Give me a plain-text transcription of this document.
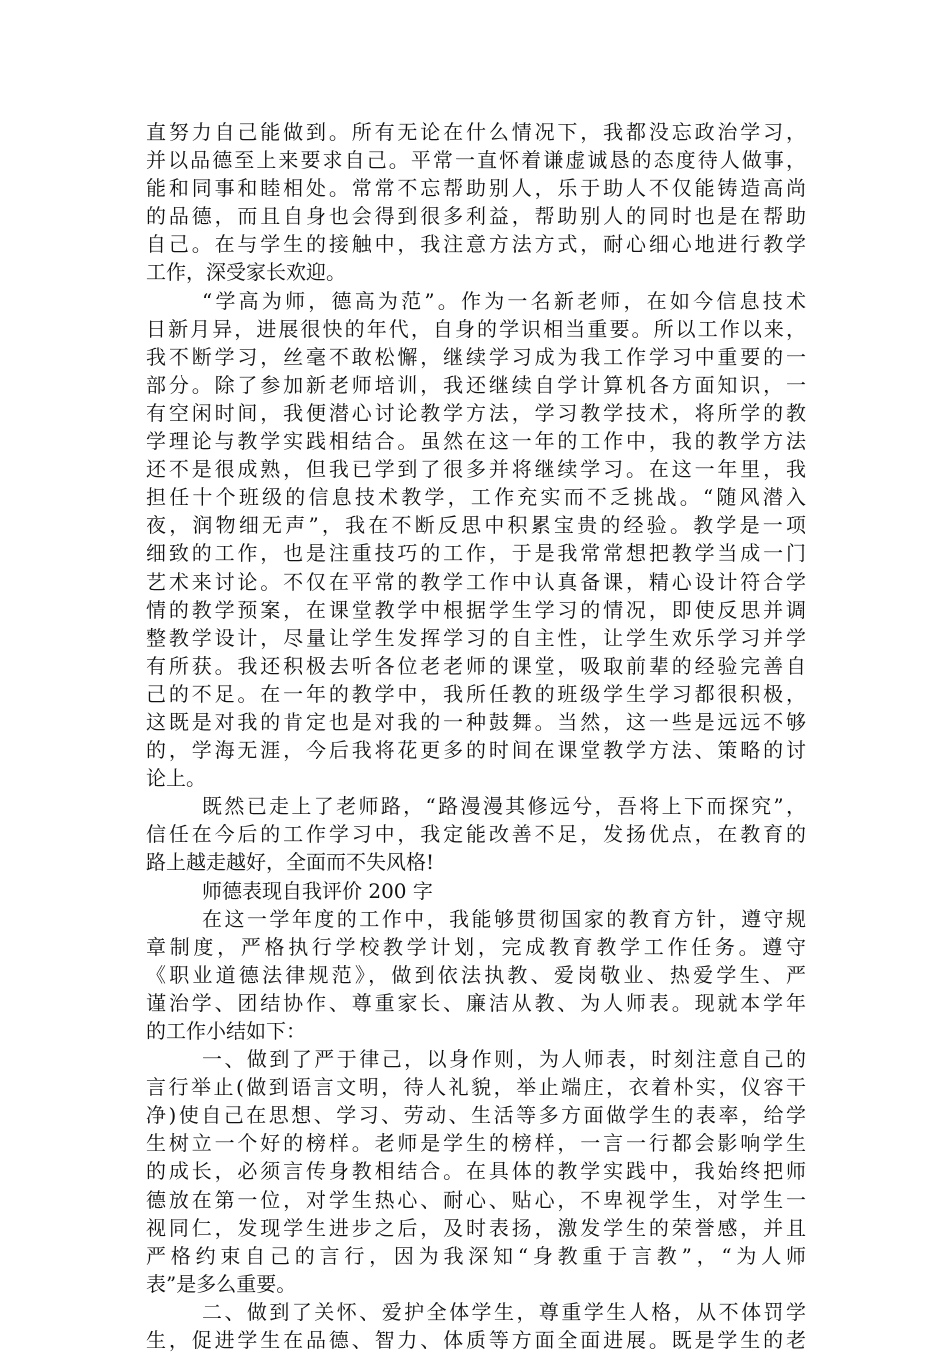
直努力自己能做到。所有无论在什么情况下，我都没忘政治学习，
并以品德至上来要求自己。平常一直怀着谦虚诚恳的态度待人做事，
能和同事和睦相处。常常不忘帮助别人，乐于助人不仅能铸造高尚
的品德，而且自身也会得到很多利益，帮助别人的同时也是在帮助
自己。在与学生的接触中，我注意方法方式，耐心细心地进行教学
工作，深受家长欢迎。
“学高为师，德高为范”。作为一名新老师，在如今信息技术
日新月异，进展很快的年代，自身的学识相当重要。所以工作以来，
我不断学习，丝毫不敢松懈，继续学习成为我工作学习中重要的一
部分。除了参加新老师培训，我还继续自学计算机各方面知识，一
有空闲时间，我便潜心讨论教学方法，学习教学技术，将所学的教
学理论与教学实践相结合。虽然在这一年的工作中，我的教学方法
还不是很成熟，但我已学到了很多并将继续学习。在这一年里，我
担任十个班级的信息技术教学，工作充实而不乏挑战。“随风潜入
夜，润物细无声”，我在不断反思中积累宝贵的经验。教学是一项
细致的工作，也是注重技巧的工作，于是我常常想把教学当成一门
艺术来讨论。不仅在平常的教学工作中认真备课，精心设计符合学
情的教学预案，在课堂教学中根据学生学习的情况，即使反思并调
整教学设计，尽量让学生发挥学习的自主性，让学生欢乐学习并学
有所获。我还积极去听各位老老师的课堂，吸取前辈的经验完善自
己的不足。在一年的教学中，我所任教的班级学生学习都很积极，
这既是对我的肯定也是对我的一种鼓舞。当然，这一些是远远不够
的，学海无涯，今后我将花更多的时间在课堂教学方法、策略的讨
论上。
既然已走上了老师路，“路漫漫其修远兮，吾将上下而探究”，
信任在今后的工作学习中，我定能改善不足，发扬优点，在教育的
路上越走越好，全面而不失风格!
师德表现自我评价 200 字
在这一学年度的工作中，我能够贯彻国家的教育方针，遵守规
章制度，严格执行学校教学计划，完成教育教学工作任务。遵守
《职业道德法律规范》，做到依法执教、爱岗敬业、热爱学生、严
谨治学、团结协作、尊重家长、廉洁从教、为人师表。现就本学年
的工作小结如下：
一、做到了严于律己，以身作则，为人师表，时刻注意自己的
言行举止(做到语言文明，待人礼貌，举止端庄，衣着朴实，仪容干
净)使自己在思想、学习、劳动、生活等多方面做学生的表率，给学
生树立一个好的榜样。老师是学生的榜样，一言一行都会影响学生
的成长，必须言传身教相结合。在具体的教学实践中，我始终把师
德放在第一位，对学生热心、耐心、贴心，不卑视学生，对学生一
视同仁，发现学生进步之后，及时表扬，激发学生的荣誉感，并且
严格约束自己的言行，因为我深知“身教重于言教”，“为人师
表”是多么重要。
二、做到了关怀、爱护全体学生，尊重学生人格，从不体罚学
生，促进学生在品德、智力、体质等方面全面进展。既是学生的老
